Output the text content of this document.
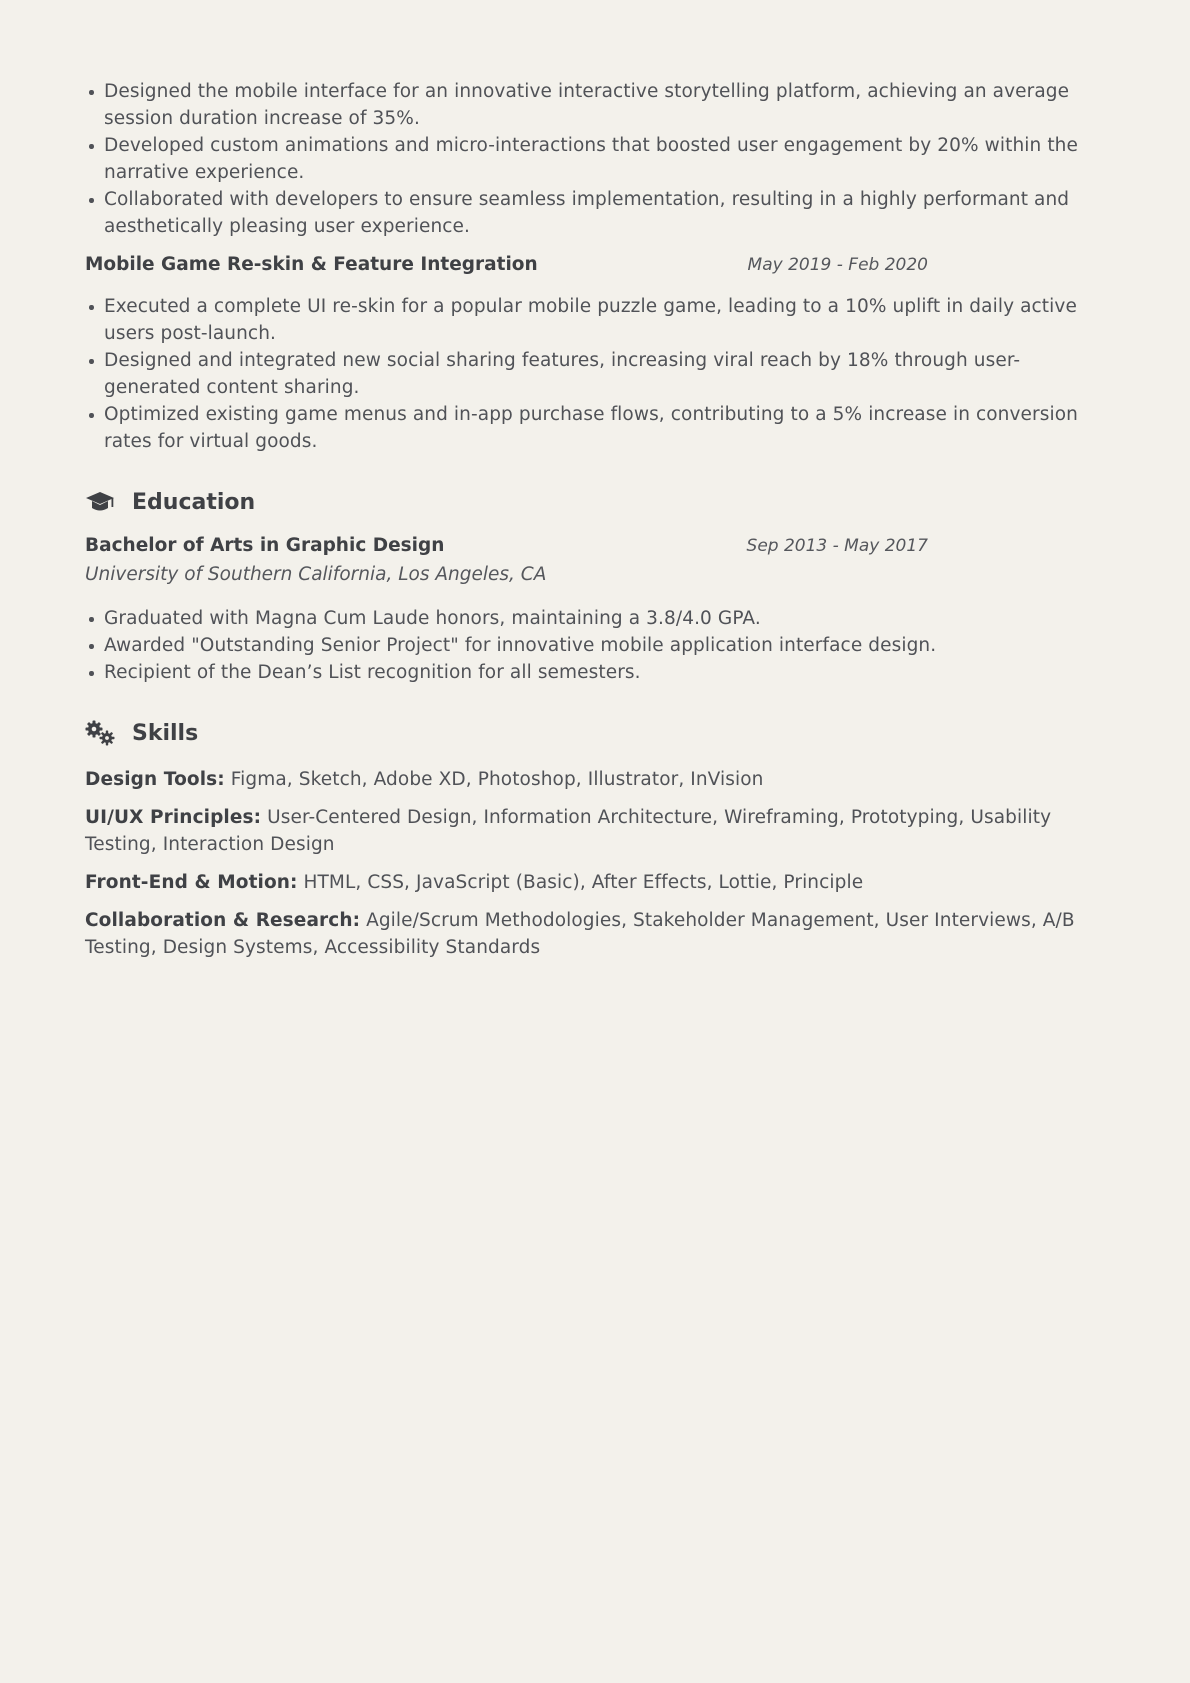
Designed the mobile interface for an innovative interactive storytelling platform, achieving an average session duration increase of 35%.
Developed custom animations and micro-interactions that boosted user engagement by 20% within the narrative experience.
Collaborated with developers to ensure seamless implementation, resulting in a highly performant and aesthetically pleasing user experience.
Mobile Game Re-skin & Feature Integration	May 2019 - Feb 2020
Executed a complete UI re-skin for a popular mobile puzzle game, leading to a 10% uplift in daily active users post-launch.
Designed and integrated new social sharing features, increasing viral reach by 18% through user-generated content sharing.
Optimized existing game menus and in-app purchase flows, contributing to a 5% increase in conversion rates for virtual goods.
Education
Bachelor of Arts in Graphic Design	Sep 2013 - May 2017
University of Southern California, Los Angeles, CA
Graduated with Magna Cum Laude honors, maintaining a 3.8/4.0 GPA.
Awarded "Outstanding Senior Project" for innovative mobile application interface design.
Recipient of the Dean’s List recognition for all semesters.
Skills
Design Tools: Figma, Sketch, Adobe XD, Photoshop, Illustrator, InVision
UI/UX Principles: User-Centered Design, Information Architecture, Wireframing, Prototyping, Usability Testing, Interaction Design
Front-End & Motion: HTML, CSS, JavaScript (Basic), After Effects, Lottie, Principle
Collaboration & Research: Agile/Scrum Methodologies, Stakeholder Management, User Interviews, A/B Testing, Design Systems, Accessibility Standards
